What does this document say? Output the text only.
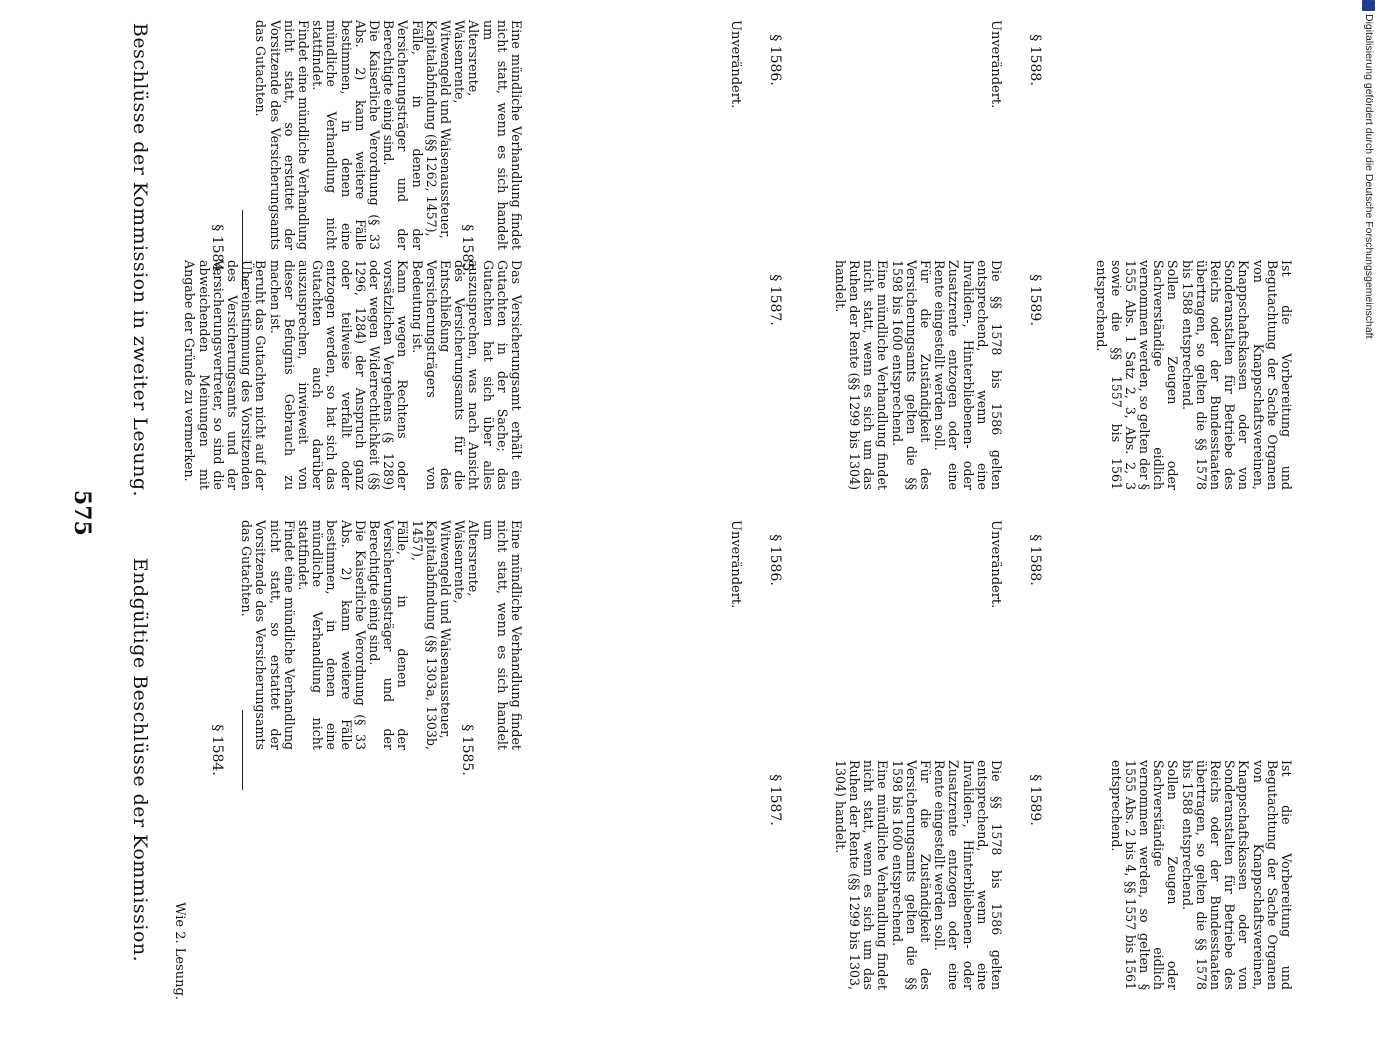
575
Beschlüsse der Kommission in zweiter Lesung.	§ 1584.	Das Versicherungsamt erhält ein Gutachten in der Sache; das Gutachten hat sich über alles auszusprechen, was nach Ansicht des Versicherungsamts für die Entschließung des Versicherungsträgers von Bedeutung ist.
Kann wegen Rechtens oder vorsätzlichen Vergehens (§ 1289) oder wegen Widerrechtlichkeit (§§ 1296, 1284) der Anspruch ganz oder teilweise verfallt oder entzogen werden, so hat sich das Gutachten auch darüber auszusprechen, inwieweit von dieser Befugnis Gebrauch zu machen ist.
Beruht das Gutachten nicht auf der Übereinstimmung des Vorsitzenden des Versicherungsamts und der Versicherungsvertreter, so sind die abweichenden Meinungen mit Angabe der Gründe zu vermerken.
§ 1585.
Eine mündliche Verhandlung findet nicht statt, wenn es sich handelt um
Altersrente,
Waisenrente,
Witwengeld und Waisenaussteuer,
Kapitalabfindung (§§ 1262, 1457),
Fälle, in denen der Versicherungsträger und der Berechtigte einig sind.
Die Kaiserliche Verordnung (§ 33 Abs. 2) kann weitere Fälle bestimmen, in denen eine mündliche Verhandlung nicht stattfindet.
Findet eine mündliche Verhandlung nicht statt, so erstattet der Vorsitzende des Versicherungsamts das Gutachten.	§ 1586.
Unverändert.
§ 1587.
Die §§ 1578 bis 1586 gelten entsprechend, wenn eine Invaliden-, Hinterbliebenen- oder Zusatzrente entzogen oder eine Rente eingestellt werden soll.
Für die Zuständigkeit des Versicherungsamts gelten die §§ 1598 bis 1600 entsprechend.
Eine mündliche Verhandlung findet nicht statt, wenn es sich um das Ruhen der Rente (§§ 1299 bis 1304) handelt.
§ 1588.
Unverändert.
§ 1589.
Ist die Vorbereitung und Begutachtung der Sache Organen von Knappschaftsvereinen, Knappschaftskassen oder von Sonderanstalten für Betriebe des Reichs oder der Bundesstaaten übertragen, so gelten die §§ 1578 bis 1588 entsprechend.
Sollen Zeugen oder Sachverständige eidlich vernommen werden, so gelten der § 1555 Abs. 1 Satz 2, 3, Abs. 2, 3 sowie die §§ 1557 bis 1561 entsprechend.
Endgültige Beschlüsse der Kommission. Wie 2. Lesung.
§ 1584.	§ 1585.
Eine mündliche Verhandlung findet nicht statt, wenn es sich handelt um
Altersrente,
Waisenrente,
Witwengeld und Waisenaussteuer,
Kapitalabfindung (§§ 1303a, 1303b, 1457),
Fälle, in denen der Versicherungsträger und der Berechtigte einig sind.
Die Kaiserliche Verordnung (§ 33 Abs. 2) kann weitere Fälle bestimmen, in denen eine mündliche Verhandlung nicht stattfindet.
Findet eine mündliche Verhandlung nicht statt, so erstattet der Vorsitzende des Versicherungsamts das Gutachten.	§ 1586.
Unverändert.
§ 1587.
Die §§ 1578 bis 1586 gelten entsprechend, wenn eine Invaliden-, Hinterbliebenen- oder Zusatzrente entzogen oder eine Rente eingestellt werden soll.
Für die Zuständigkeit des Versicherungsamts gelten die §§ 1598 bis 1600 entsprechend.
Eine mündliche Verhandlung findet nicht statt, wenn es sich um das Ruhen der Rente (§§ 1299 bis 1303, 1304) handelt.
§ 1588.
Unverändert.
§ 1589.
Ist die Vorbereitung und Begutachtung der Sache Organen von Knappschaftsvereinen, Knappschaftskassen oder von Sonderanstalten für Betriebe des Reichs oder der Bundesstaaten übertragen, so gelten die §§ 1578 bis 1588 entsprechend.
Sollen Zeugen oder Sachverständige eidlich vernommen werden, so gelten § 1555 Abs. 2 bis 4, §§ 1557 bis 1561 entsprechend.
Digitalisierung gefördert durch die Deutsche Forschungsgemeinschaft
